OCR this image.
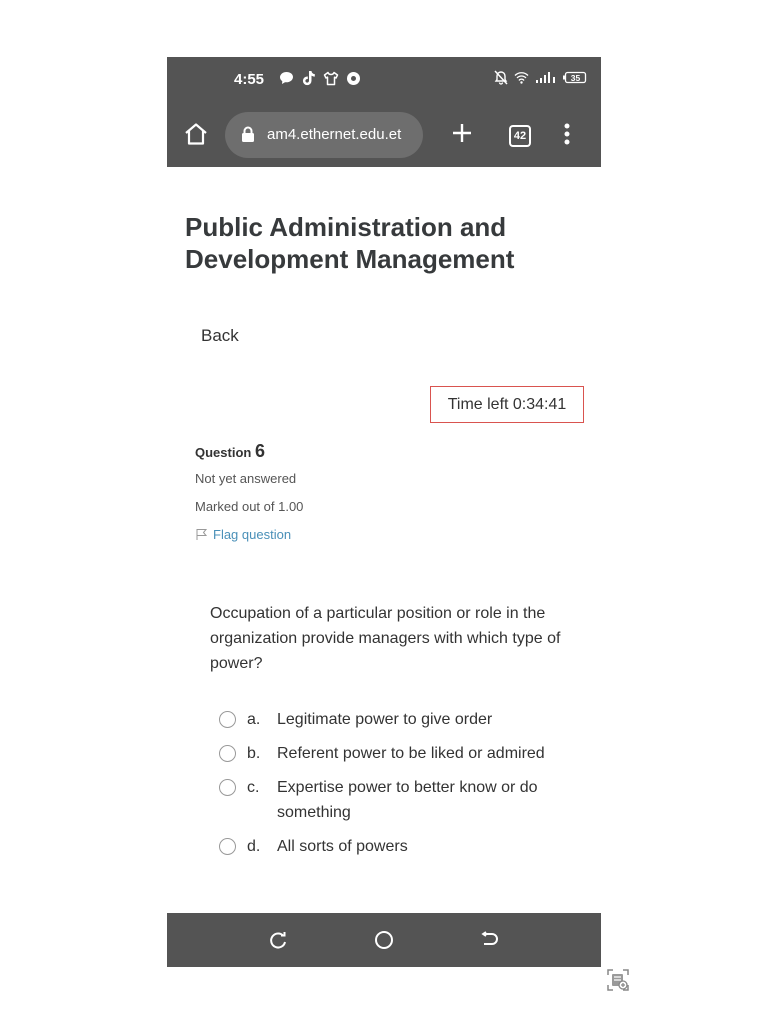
4:55	35
am4.ethernet.edu.et	42
Public Administration and Development Management
Back
Time left
0:34:41

Question 6

Not yet answered
Marked out of 1.00
Flag question

Occupation of a particular position or role in the organization provide managers with which type of power?

a.	Legitimate power to give order
b.	Referent power to be liked or admired
c.	Expertise power to better know or do something
d.	All sorts of powers
